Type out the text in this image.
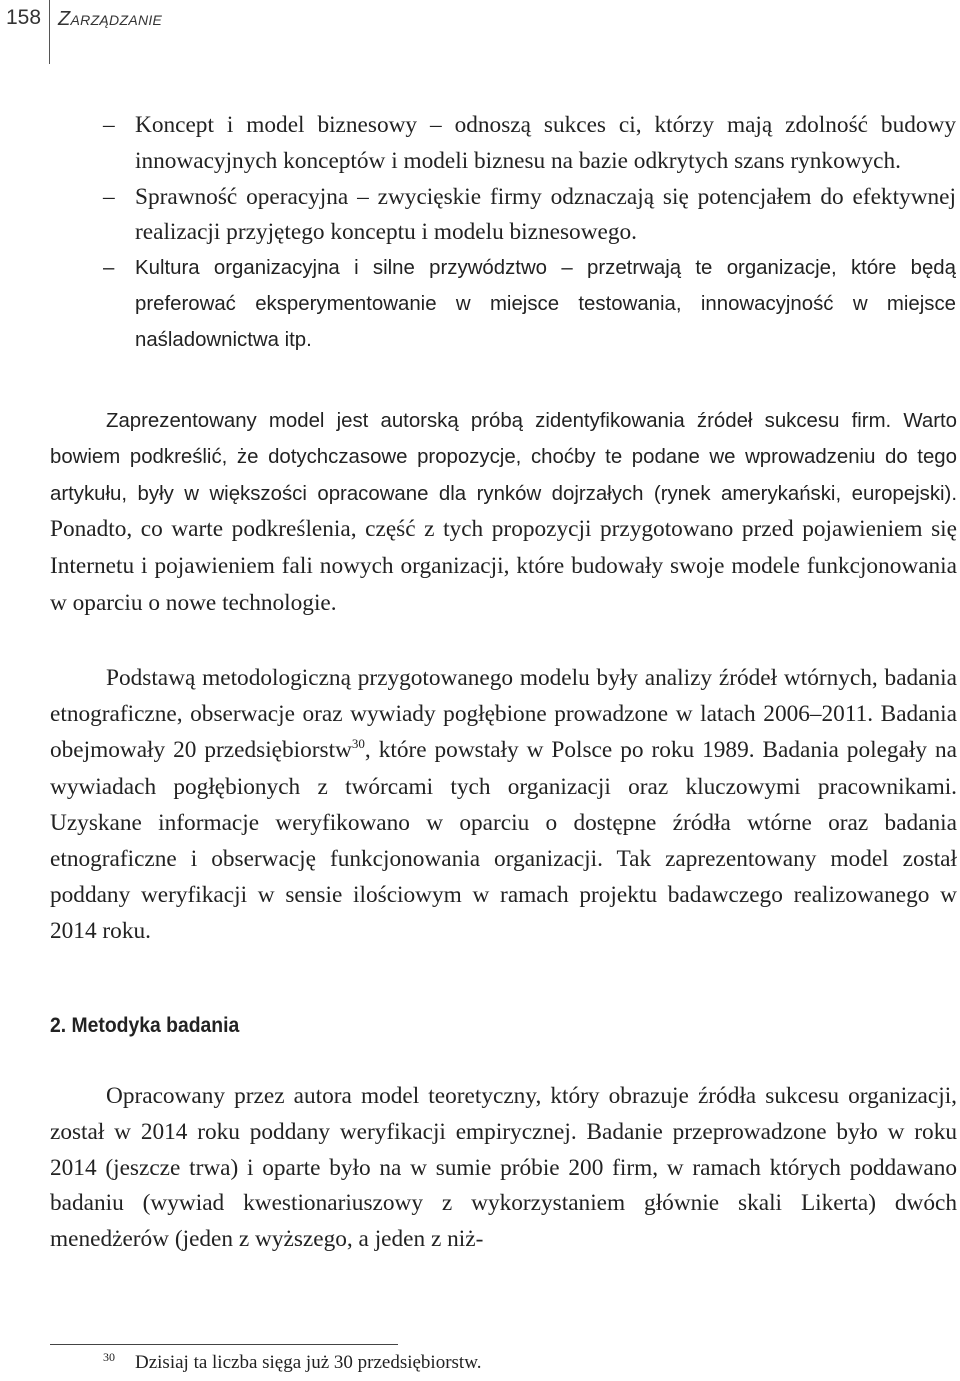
158 Zarządzanie
– Koncept i model biznesowy – odnoszą sukces ci, którzy mają zdolność budowy innowacyjnych konceptów i modeli biznesu na bazie odkrytych szans rynkowych.
– Sprawność operacyjna – zwycięskie firmy odznaczają się potencjałem do efektywnej realizacji przyjętego konceptu i modelu biznesowego.
– Kultura organizacyjna i silne przywództwo – przetrwają te organizacje, które będą preferować eksperymentowanie w miejsce testowania, innowacyjność w miejsce naśladownictwa itp.

Zaprezentowany model jest autorską próbą zidentyfikowania źródeł sukcesu firm. Warto bowiem podkreślić, że dotychczasowe propozycje, choćby te podane we wprowadzeniu do tego artykułu, były w większości opracowane dla rynków dojrzałych (rynek amerykański, europejski). Ponadto, co warte podkreślenia, część z tych propozycji przygotowano przed pojawieniem się Internetu i pojawieniem fali nowych organizacji, które budowały swoje modele funkcjonowania w oparciu o nowe technologie.

Podstawą metodologiczną przygotowanego modelu były analizy źródeł wtórnych, badania etnograficzne, obserwacje oraz wywiady pogłębione prowadzone w latach 2006–2011. Badania obejmowały 20 przedsiębiorstw$^{30}$, które powstały w Polsce po roku 1989. Badania polegały na wywiadach pogłębionych z twórcami tych organizacji oraz kluczowymi pracownikami. Uzyskane informacje weryfikowano w oparciu o dostępne źródła wtórne oraz badania etnograficzne i obserwację funkcjonowania organizacji. Tak zaprezentowany model został poddany weryfikacji w sensie ilościowym w ramach projektu badawczego realizowanego w 2014 roku.

2. Metodyka badania

Opracowany przez autora model teoretyczny, który obrazuje źródła sukcesu organizacji, został w 2014 roku poddany weryfikacji empirycznej. Badanie przeprowadzone było w roku 2014 (jeszcze trwa) i oparte było na w sumie próbie 200 firm, w ramach których poddawano badaniu (wywiad kwestionariuszowy z wykorzystaniem głównie skali Likerta) dwóch menedżerów (jeden z wyższego, a jeden z niż-

$^{30}$ Dzisiaj ta liczba sięga już 30 przedsiębiorstw.
